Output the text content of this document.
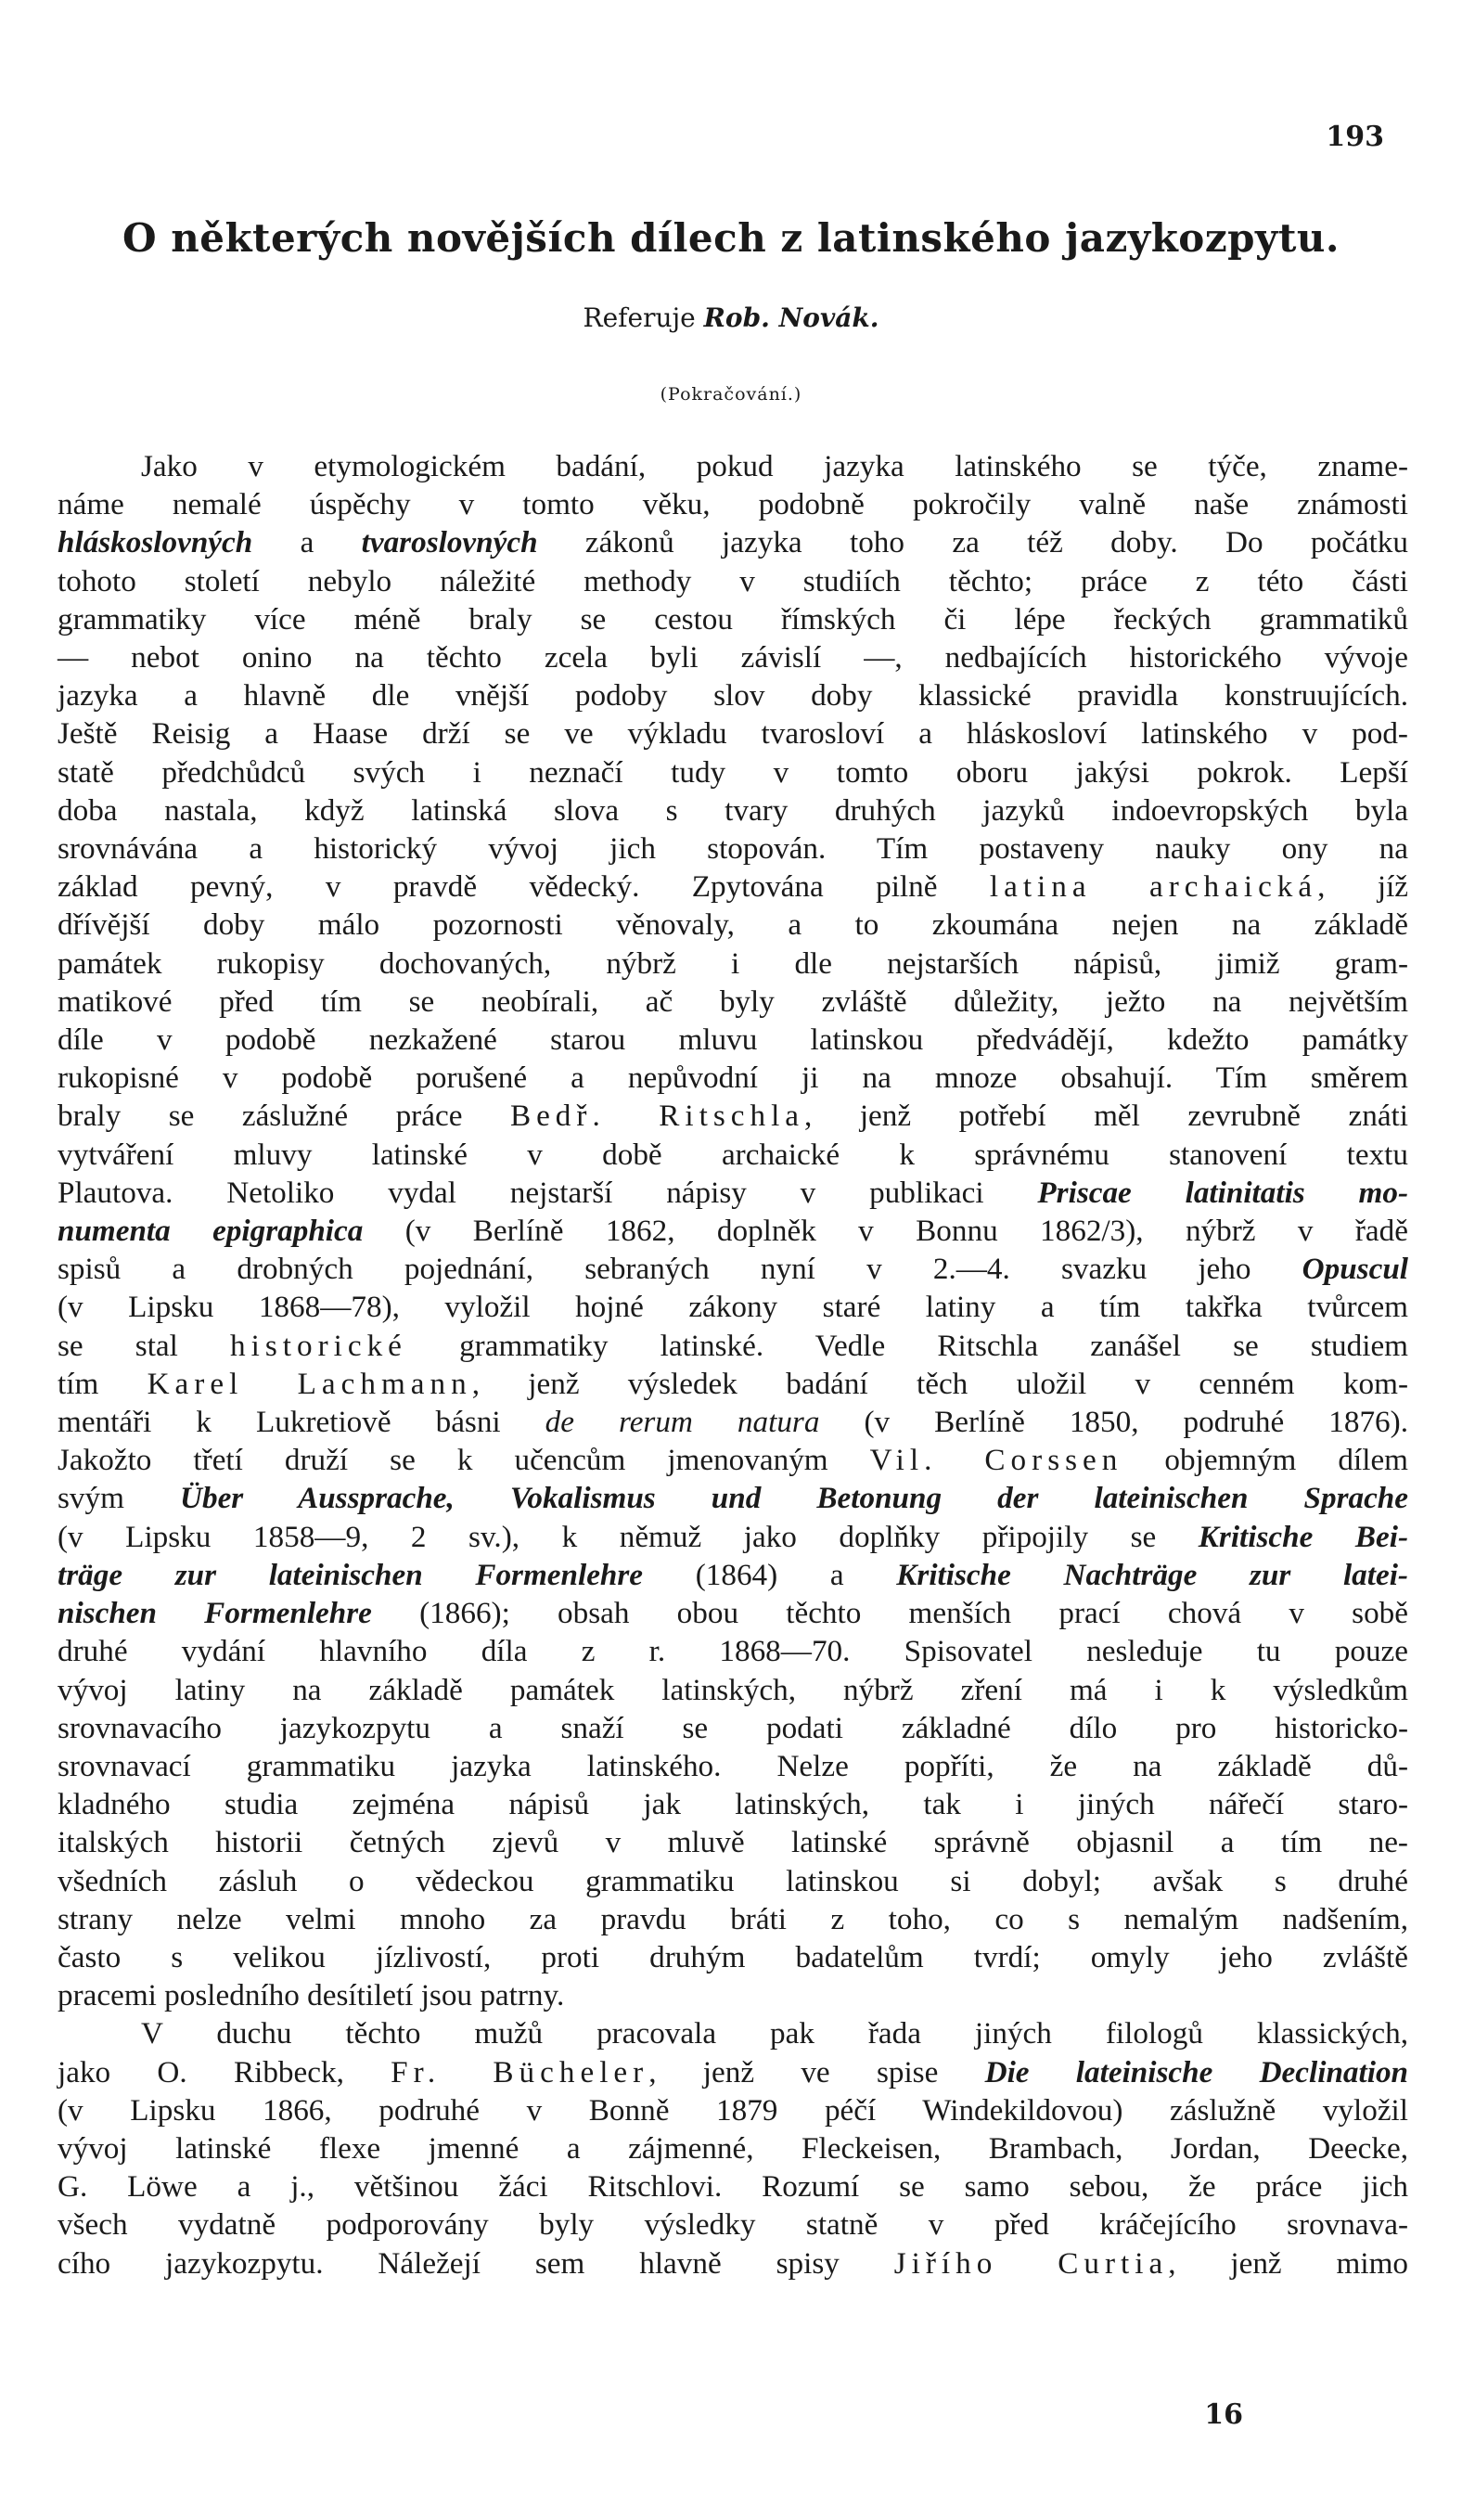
193
O některých novějších dílech z latinského jazykozpytu.
Referuje Rob. Novák.
(Pokračování.)
Jako v etymologickém badání, pokud jazyka latinského se týče, zname-
náme nemalé úspěchy v tomto věku, podobně pokročily valně naše známosti
hláskoslovných a tvaroslovných zákonů jazyka toho za též doby. Do počátku
tohoto století nebylo náležité methody v studiích těchto; práce z této části
grammatiky více méně braly se cestou římských či lépe řeckých grammatiků
— nebot onino na těchto zcela byli závislí —, nedbajících historického vývoje
jazyka a hlavně dle vnější podoby slov doby klassické pravidla konstruujících.
Ještě Reisig a Haase drží se ve výkladu tvarosloví a hláskosloví latinského v pod-
statě předchůdců svých i neznačí tudy v tomto oboru jakýsi pokrok. Lepší
doba nastala, když latinská slova s tvary druhých jazyků indoevropských byla
srovnávána a historický vývoj jich stopován. Tím postaveny nauky ony na
základ pevný, v pravdě vědecký. Zpytována pilně latina archaická, jíž
dřívější doby málo pozornosti věnovaly, a to zkoumána nejen na základě
památek rukopisy dochovaných, nýbrž i dle nejstarších nápisů, jimiž gram-
matikové před tím se neobírali, ač byly zvláště důležity, ježto na největším
díle v podobě nezkažené starou mluvu latinskou předvádějí, kdežto památky
rukopisné v podobě porušené a nepůvodní ji na mnoze obsahují. Tím směrem
braly se záslužné práce Bedř. Ritschla, jenž potřebí měl zevrubně znáti
vytváření mluvy latinské v době archaické k správnému stanovení textu
Plautova. Netoliko vydal nejstarší nápisy v publikaci Priscae latinitatis mo-
numenta epigraphica (v Berlíně 1862, doplněk v Bonnu 1862/3), nýbrž v řadě
spisů a drobných pojednání, sebraných nyní v 2.—4. svazku jeho Opuscul
(v Lipsku 1868—78), vyložil hojné zákony staré latiny a tím takřka tvůrcem
se stal historické grammatiky latinské. Vedle Ritschla zanášel se studiem
tím Karel Lachmann, jenž výsledek badání těch uložil v cenném kom-
mentáři k Lukretiově básni de rerum natura (v Berlíně 1850, podruhé 1876).
Jakožto třetí druží se k učencům jmenovaným Vil. Corssen objemným dílem
svým Über Aussprache, Vokalismus und Betonung der lateinischen Sprache
(v Lipsku 1858—9, 2 sv.), k němuž jako doplňky připojily se Kritische Bei-
träge zur lateinischen Formenlehre (1864) a Kritische Nachträge zur latei-
nischen Formenlehre (1866); obsah obou těchto menších prací chová v sobě
druhé vydání hlavního díla z r. 1868—70. Spisovatel nesleduje tu pouze
vývoj latiny na základě památek latinských, nýbrž zření má i k výsledkům
srovnavacího jazykozpytu a snaží se podati základné dílo pro historicko-
srovnavací grammatiku jazyka latinského. Nelze popříti, že na základě dů-
kladného studia zejména nápisů jak latinských, tak i jiných nářečí staro-
italských historii četných zjevů v mluvě latinské správně objasnil a tím ne-
všedních zásluh o vědeckou grammatiku latinskou si dobyl; avšak s druhé
strany nelze velmi mnoho za pravdu bráti z toho, co s nemalým nadšením,
často s velikou jízlivostí, proti druhým badatelům tvrdí; omyly jeho zvláště
pracemi posledního desítiletí jsou patrny.
V duchu těchto mužů pracovala pak řada jiných filologů klassických,
jako O. Ribbeck, Fr. Bücheler, jenž ve spise Die lateinische Declination
(v Lipsku 1866, podruhé v Bonně 1879 péčí Windekildovou) záslužně vyložil
vývoj latinské flexe jmenné a zájmenné, Fleckeisen, Brambach, Jordan, Deecke,
G. Löwe a j., většinou žáci Ritschlovi. Rozumí se samo sebou, že práce jich
všech vydatně podporovány byly výsledky statně v před kráčejícího srovnava-
cího jazykozpytu. Náležejí sem hlavně spisy Jiřího Curtia, jenž mimo
16
